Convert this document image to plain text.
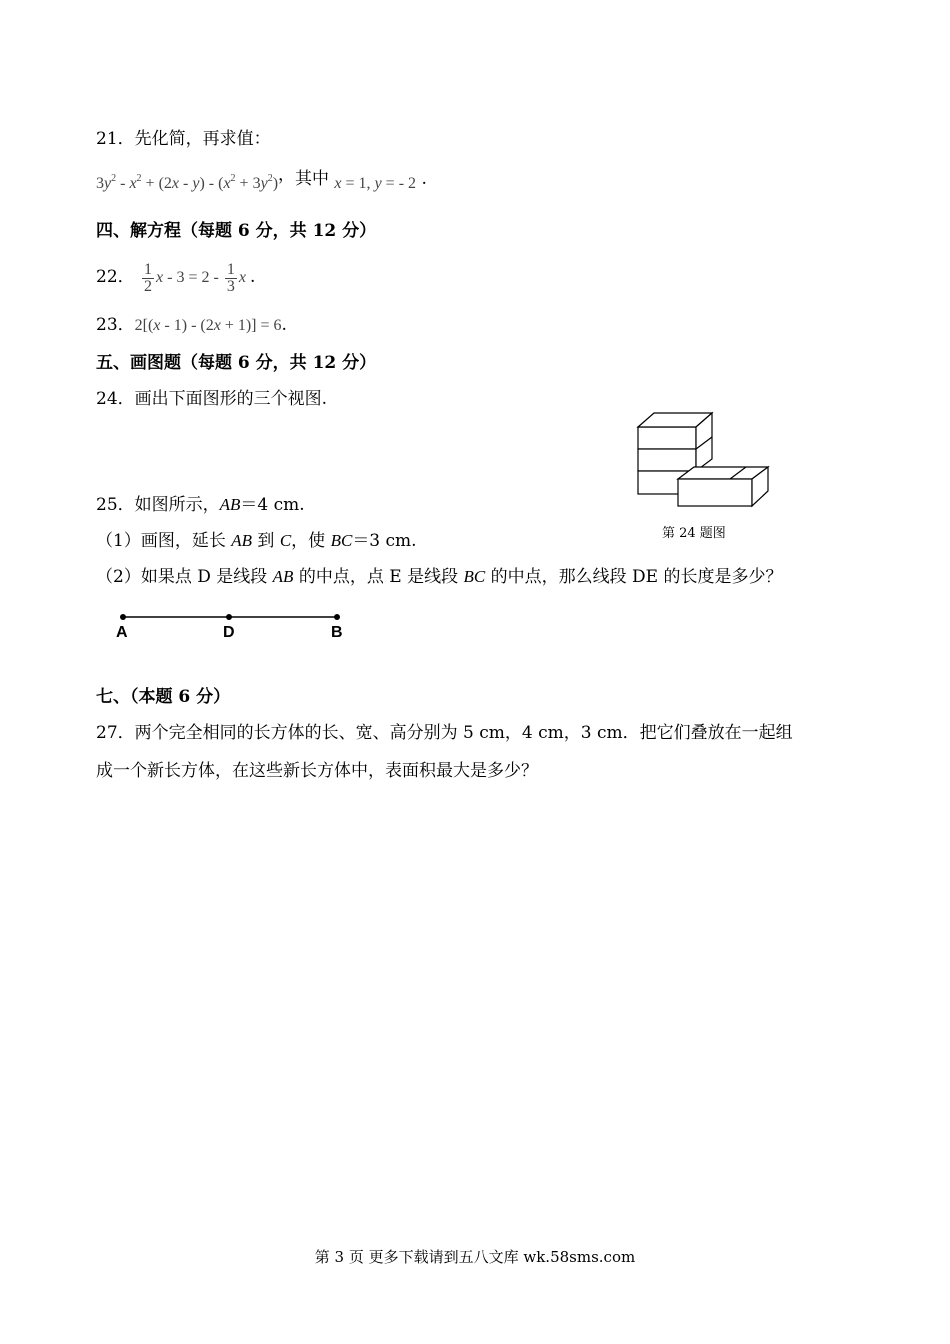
21．先化简，再求值：
$3y^2 - x^2 + (2x - y) - (x^2 + 3y^2)$，其中 x = 1, y = - 2 .
四、解方程（每题 6 分，共 12 分）
22． $\frac{1}{2}$ $x - 3 = 2 - \frac{1}{3}$ x .
23．2[(x - 1) - (2x + 1)] = 6.
五、画图题（每题 6 分，共 12 分）
24．画出下面图形的三个视图.
第 24 题图
25．如图所示，AB＝4 cm.
（1）画图，延长 AB 到 C，使 BC＝3 cm.
（2）如果点 D 是线段 AB 的中点，点 E 是线段 BC 的中点，那么线段 DE 的长度是多少？
A	D	B
七、（本题 6 分）
27．两个完全相同的长方体的长、宽、高分别为 5 cm，4 cm，3 cm．把它们叠放在一起组
成一个新长方体，在这些新长方体中，表面积最大是多少？
第 3 页 更多下载请到五八文库 wk.58sms.com
